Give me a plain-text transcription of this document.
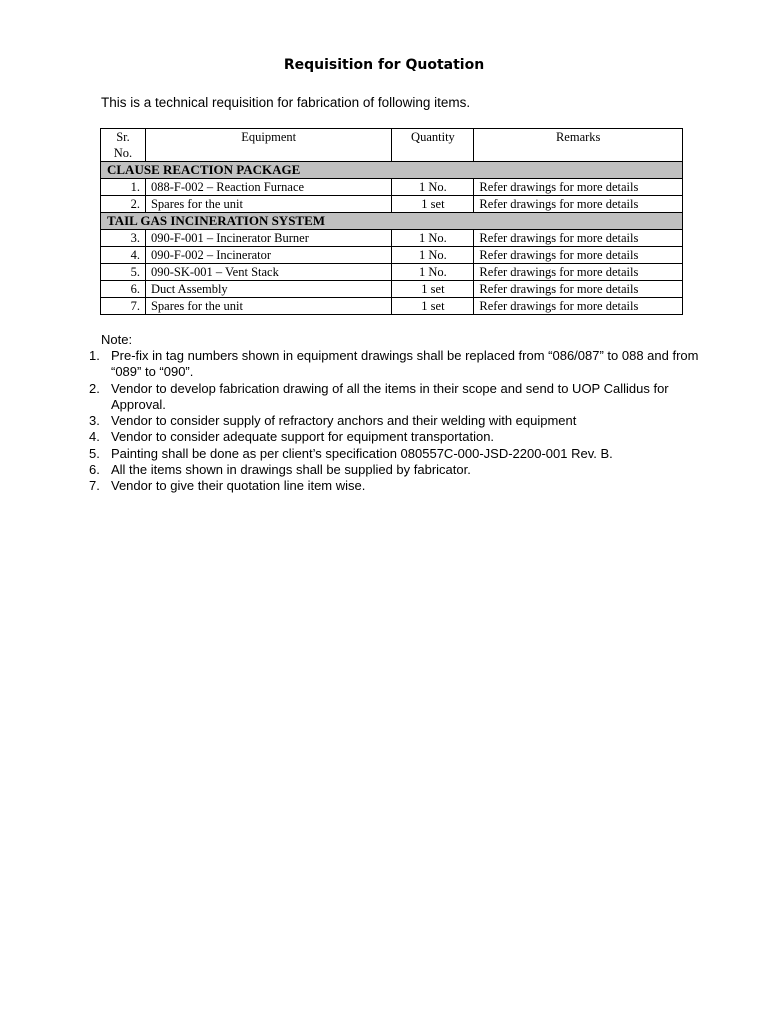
Requisition for Quotation
This is a technical requisition for fabrication of following items.
Sr. No.	Equipment	Quantity	Remarks
CLAUSE REACTION PACKAGE			
1.	088-F-002 – Reaction Furnace	1 No.	Refer drawings for more details
2.	Spares for the unit	1 set	Refer drawings for more details
TAIL GAS INCINERATION SYSTEM			
3.	090-F-001 – Incinerator Burner	1 No.	Refer drawings for more details
4.	090-F-002 – Incinerator	1 No.	Refer drawings for more details
5.	090-SK-001 – Vent Stack	1 No.	Refer drawings for more details
6.	Duct Assembly	1 set	Refer drawings for more details
7.	Spares for the unit	1 set	Refer drawings for more details
Note:
1. Pre-fix in tag numbers shown in equipment drawings shall be replaced from “086/087” to 088 and from “089” to “090”.
2. Vendor to develop fabrication drawing of all the items in their scope and send to UOP Callidus for Approval.
3. Vendor to consider supply of refractory anchors and their welding with equipment
4. Vendor to consider adequate support for equipment transportation.
5. Painting shall be done as per client’s specification 080557C-000-JSD-2200-001 Rev. B.
6. All the items shown in drawings shall be supplied by fabricator.
7. Vendor to give their quotation line item wise.
